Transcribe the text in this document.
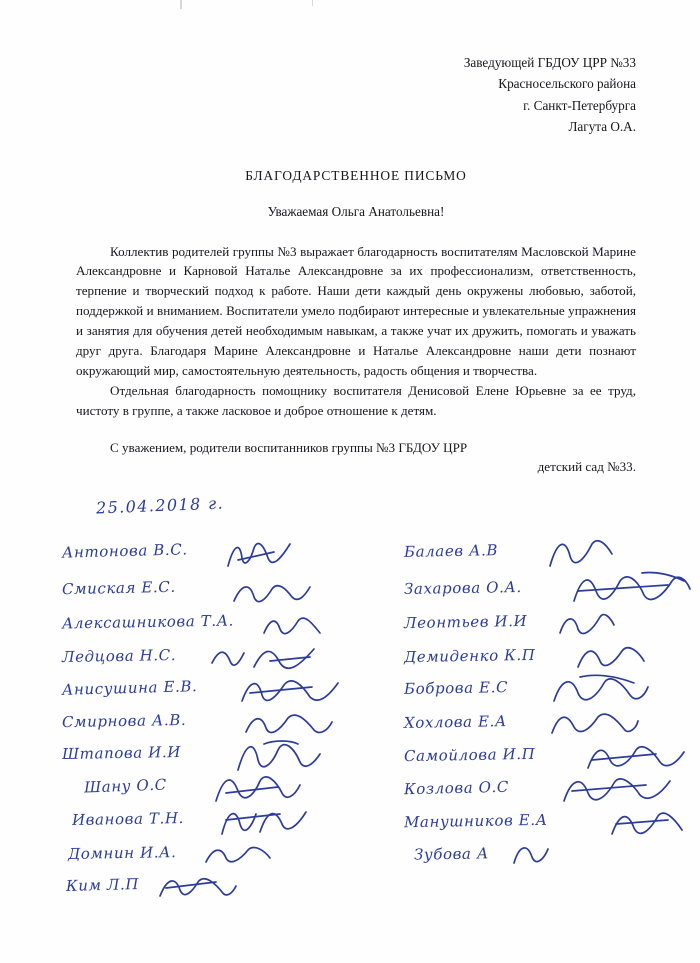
Заведующей ГБДОУ ЦРР №33
Красносельского района
г. Санкт-Петербурга
Лагута О.А.
БЛАГОДАРСТВЕННОЕ ПИСЬМО
Уважаемая Ольга Анатольевна!

Коллектив родителей группы №3 выражает благодарность воспитателям Масловской Марине Александровне и Карновой Наталье Александровне за их профессионализм, ответственность, терпение и творческий подход к работе. Наши дети каждый день окружены любовью, заботой, поддержкой и вниманием. Воспитатели умело подбирают интересные и увлекательные упражнения и занятия для обучения детей необходимым навыкам, а также учат их дружить, помогать и уважать друг друга. Благодаря Марине Александровне и Наталье Александровне наши дети познают окружающий мир, самостоятельную деятельность, радость общения и творчества.

Отдельная благодарность помощнику воспитателя Денисовой Елене Юрьевне за ее труд, чистоту в группе, а также ласковое и доброе отношение к детям.

С уважением, родители воспитанников группы №3 ГБДОУ ЦРР
детский сад №33.
25.04.2018 г.
Антонова В.С.
Смиская Е.С.
Алексашникова Т.А.
Ледцова Н.С.
Анисушина Е.В.
Смирнова А.В.
Штапова И.И
Шану О.С
Иванова Т.Н.
Домнин И.А.
Ким Л.П
Балаев А.В
Захарова О.А.
Леонтьев И.И
Демиденко К.П
Боброва Е.С
Хохлова Е.А
Самойлова И.П
Козлова О.С
Манушников Е.А
Зубова А
